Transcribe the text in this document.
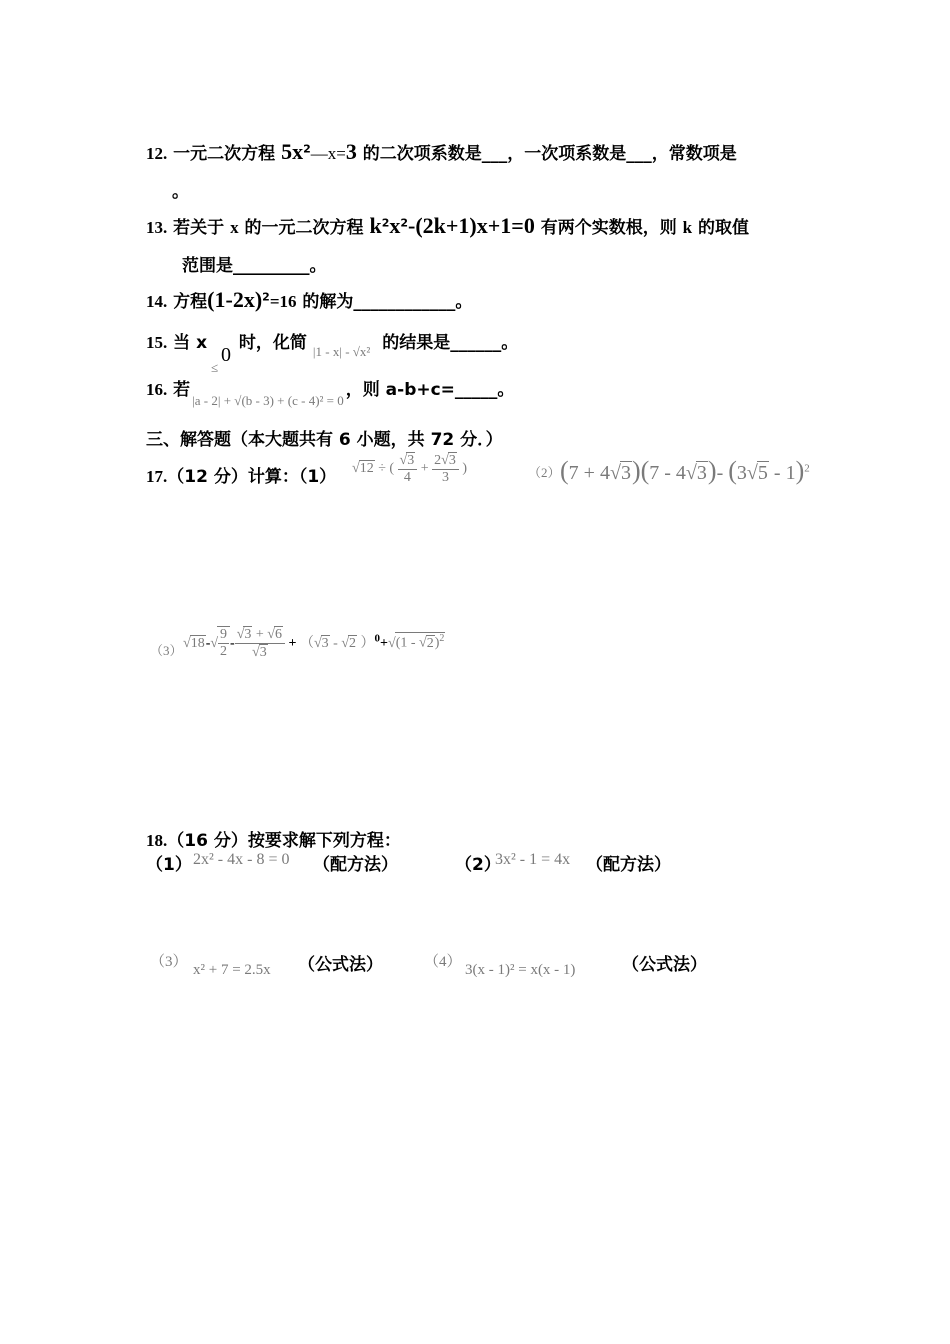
12. 一元二次方程 $5x^2—x=3$ 的二次项系数是___，一次项系数是___，常数项是
。
13. 若关于 x 的一元二次方程 $k^2x^2-(2k+1)x+1=0$ 有两个实数根，则 k 的取值
范围是_________。
14. 方程$(1-2x)^2=16$ 的解为____________。
15. 当 x
≤
0
时，化简 $_{|1 - x| - √x^2}$ 的结果是______。
16. 若$_{|a - 2| + √(b - 3) + (c - 4)^2 = 0}$，则 a-b+c=_____。
三、解答题（本大题共有 6 小题，共 72 分．）
17.（12 分）计算：（1） √12 ÷ ( $\frac{√3}{4} + \frac{2√3}{3}$ )	（2） (7 + 4√3)(7 - 4√3)- (3√5 - 1)$^2$
（3） $√18-√ \frac{9}{2} - \frac{√3 + √6}{√3} + (√3 - √2$ ）$^0$+√(1 - √2)$^2$
18.（16 分）按要求解下列方程：
（1） 2x² - 4x - 8 = 0 （配方法）	（2）
3x² - 1 = 4x （配方法）
（3） x² + 7 = 2.5x （公式法）	（4） 3(x - 1)² = x(x - 1)	（公式法）
